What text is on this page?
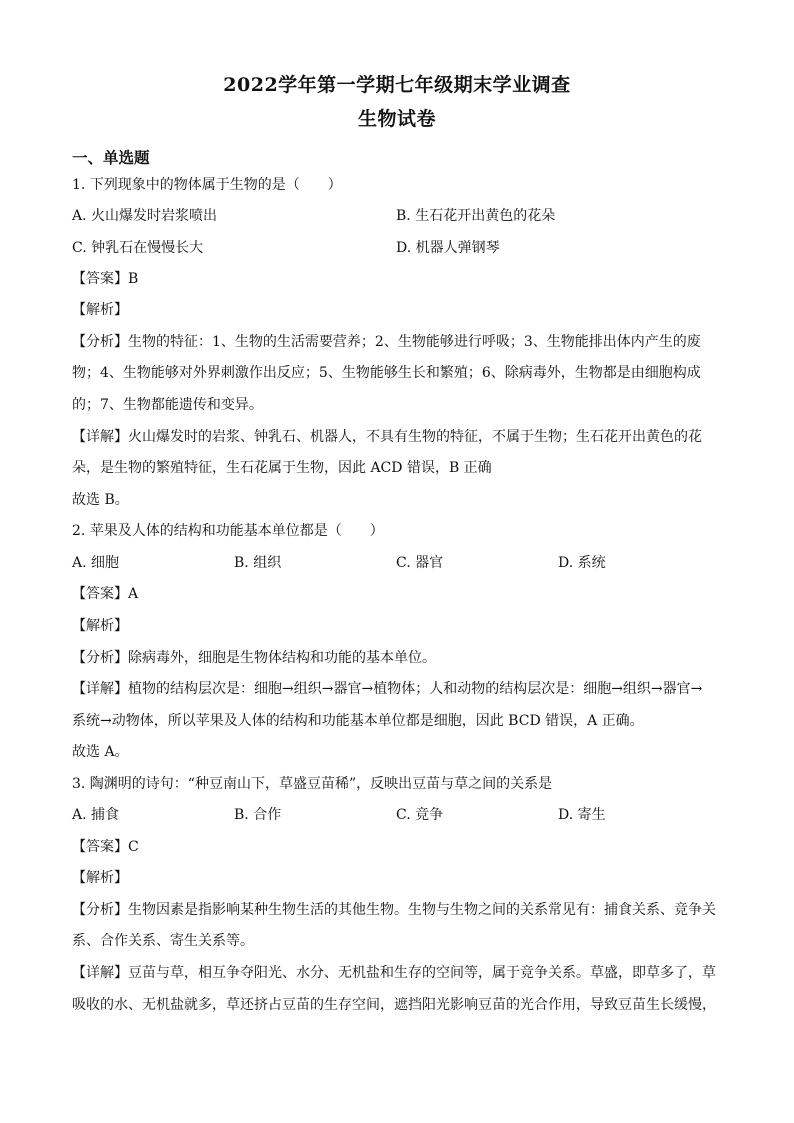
2022学年第一学期七年级期末学业调查
生物试卷
一、单选题
1. 下列现象中的物体属于生物的是（　　）
A. 火山爆发时岩浆喷出	B. 生石花开出黄色的花朵
C. 钟乳石在慢慢长大	D. 机器人弹钢琴
【答案】B
【解析】
【分析】生物的特征：1、生物的生活需要营养；2、生物能够进行呼吸；3、生物能排出体内产生的废
物；4、生物能够对外界刺激作出反应；5、生物能够生长和繁殖；6、除病毒外，生物都是由细胞构成
的；7、生物都能遗传和变异。
【详解】火山爆发时的岩浆、钟乳石、机器人，不具有生物的特征，不属于生物；生石花开出黄色的花
朵，是生物的繁殖特征，生石花属于生物，因此 ACD 错误，B 正确
故选 B。
2. 苹果及人体的结构和功能基本单位都是（　　）
A. 细胞	B. 组织	C. 器官	D. 系统
【答案】A
【解析】
【分析】除病毒外，细胞是生物体结构和功能的基本单位。
【详解】植物的结构层次是：细胞→组织→器官→植物体；人和动物的结构层次是：细胞→组织→器官→
系统→动物体，所以苹果及人体的结构和功能基本单位都是细胞，因此 BCD 错误，A 正确。
故选 A。
3. 陶渊明的诗句：“种豆南山下，草盛豆苗稀”，反映出豆苗与草之间的关系是
A. 捕食	B. 合作	C. 竞争	D. 寄生
【答案】C
【解析】
【分析】生物因素是指影响某种生物生活的其他生物。生物与生物之间的关系常见有：捕食关系、竞争关
系、合作关系、寄生关系等。
【详解】豆苗与草，相互争夺阳光、水分、无机盐和生存的空间等，属于竞争关系。草盛，即草多了，草
吸收的水、无机盐就多，草还挤占豆苗的生存空间，遮挡阳光影响豆苗的光合作用，导致豆苗生长缓慢，
